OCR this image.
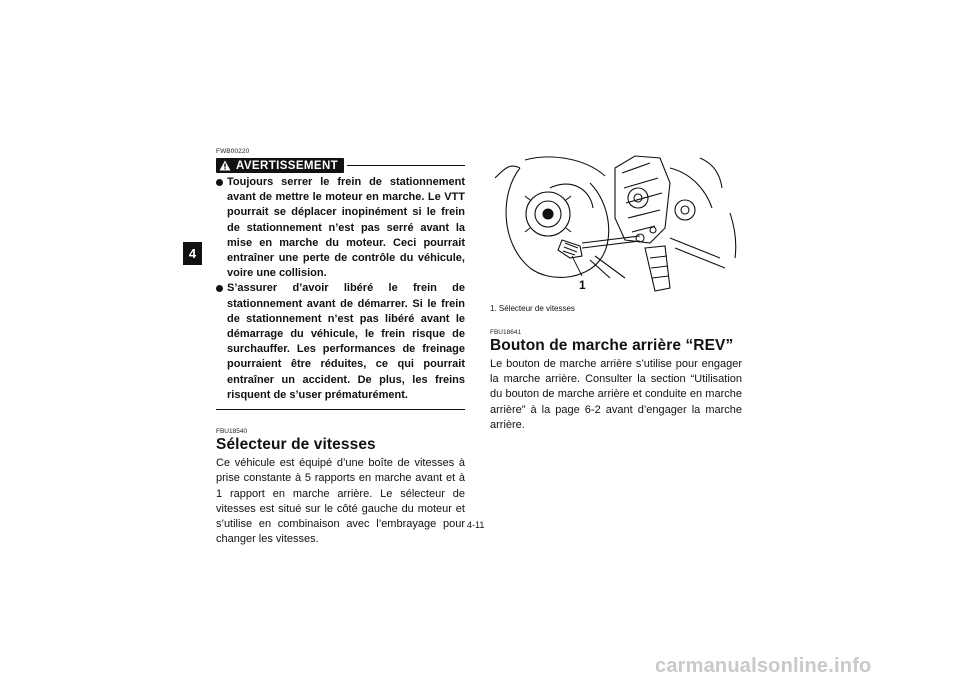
4
FWB00220
AVERTISSEMENT
Toujours serrer le frein de stationnement avant de mettre le moteur en marche. Le VTT pourrait se déplacer inopinément si le frein de stationnement n’est pas serré avant la mise en marche du moteur. Ceci pourrait entraîner une perte de contrôle du véhicule, voire une collision.
S’assurer d’avoir libéré le frein de stationnement avant de démarrer. Si le frein de stationnement n’est pas libéré avant le démarrage du véhicule, le frein risque de surchauffer. Les performances de freinage pourraient être réduites, ce qui pourrait entraîner un accident. De plus, les freins risquent de s’user prématurément.
FBU18540
Sélecteur de vitesses
Ce véhicule est équipé d’une boîte de vitesses à prise constante à 5 rapports en marche avant et à 1 rapport en marche arrière. Le sélecteur de vitesses est situé sur le côté gauche du moteur et s’utilise en combinaison avec l’embrayage pour changer les vitesses.
1
1. Sélecteur de vitesses
FBU18641
Bouton de marche arrière “REV”
Le bouton de marche arrière s’utilise pour engager la marche arrière. Consulter la section “Utilisation du bouton de marche arrière et conduite en marche arrière” à la page 6-2 avant d’engager la marche arrière.
4-11
carmanualsonline.info
